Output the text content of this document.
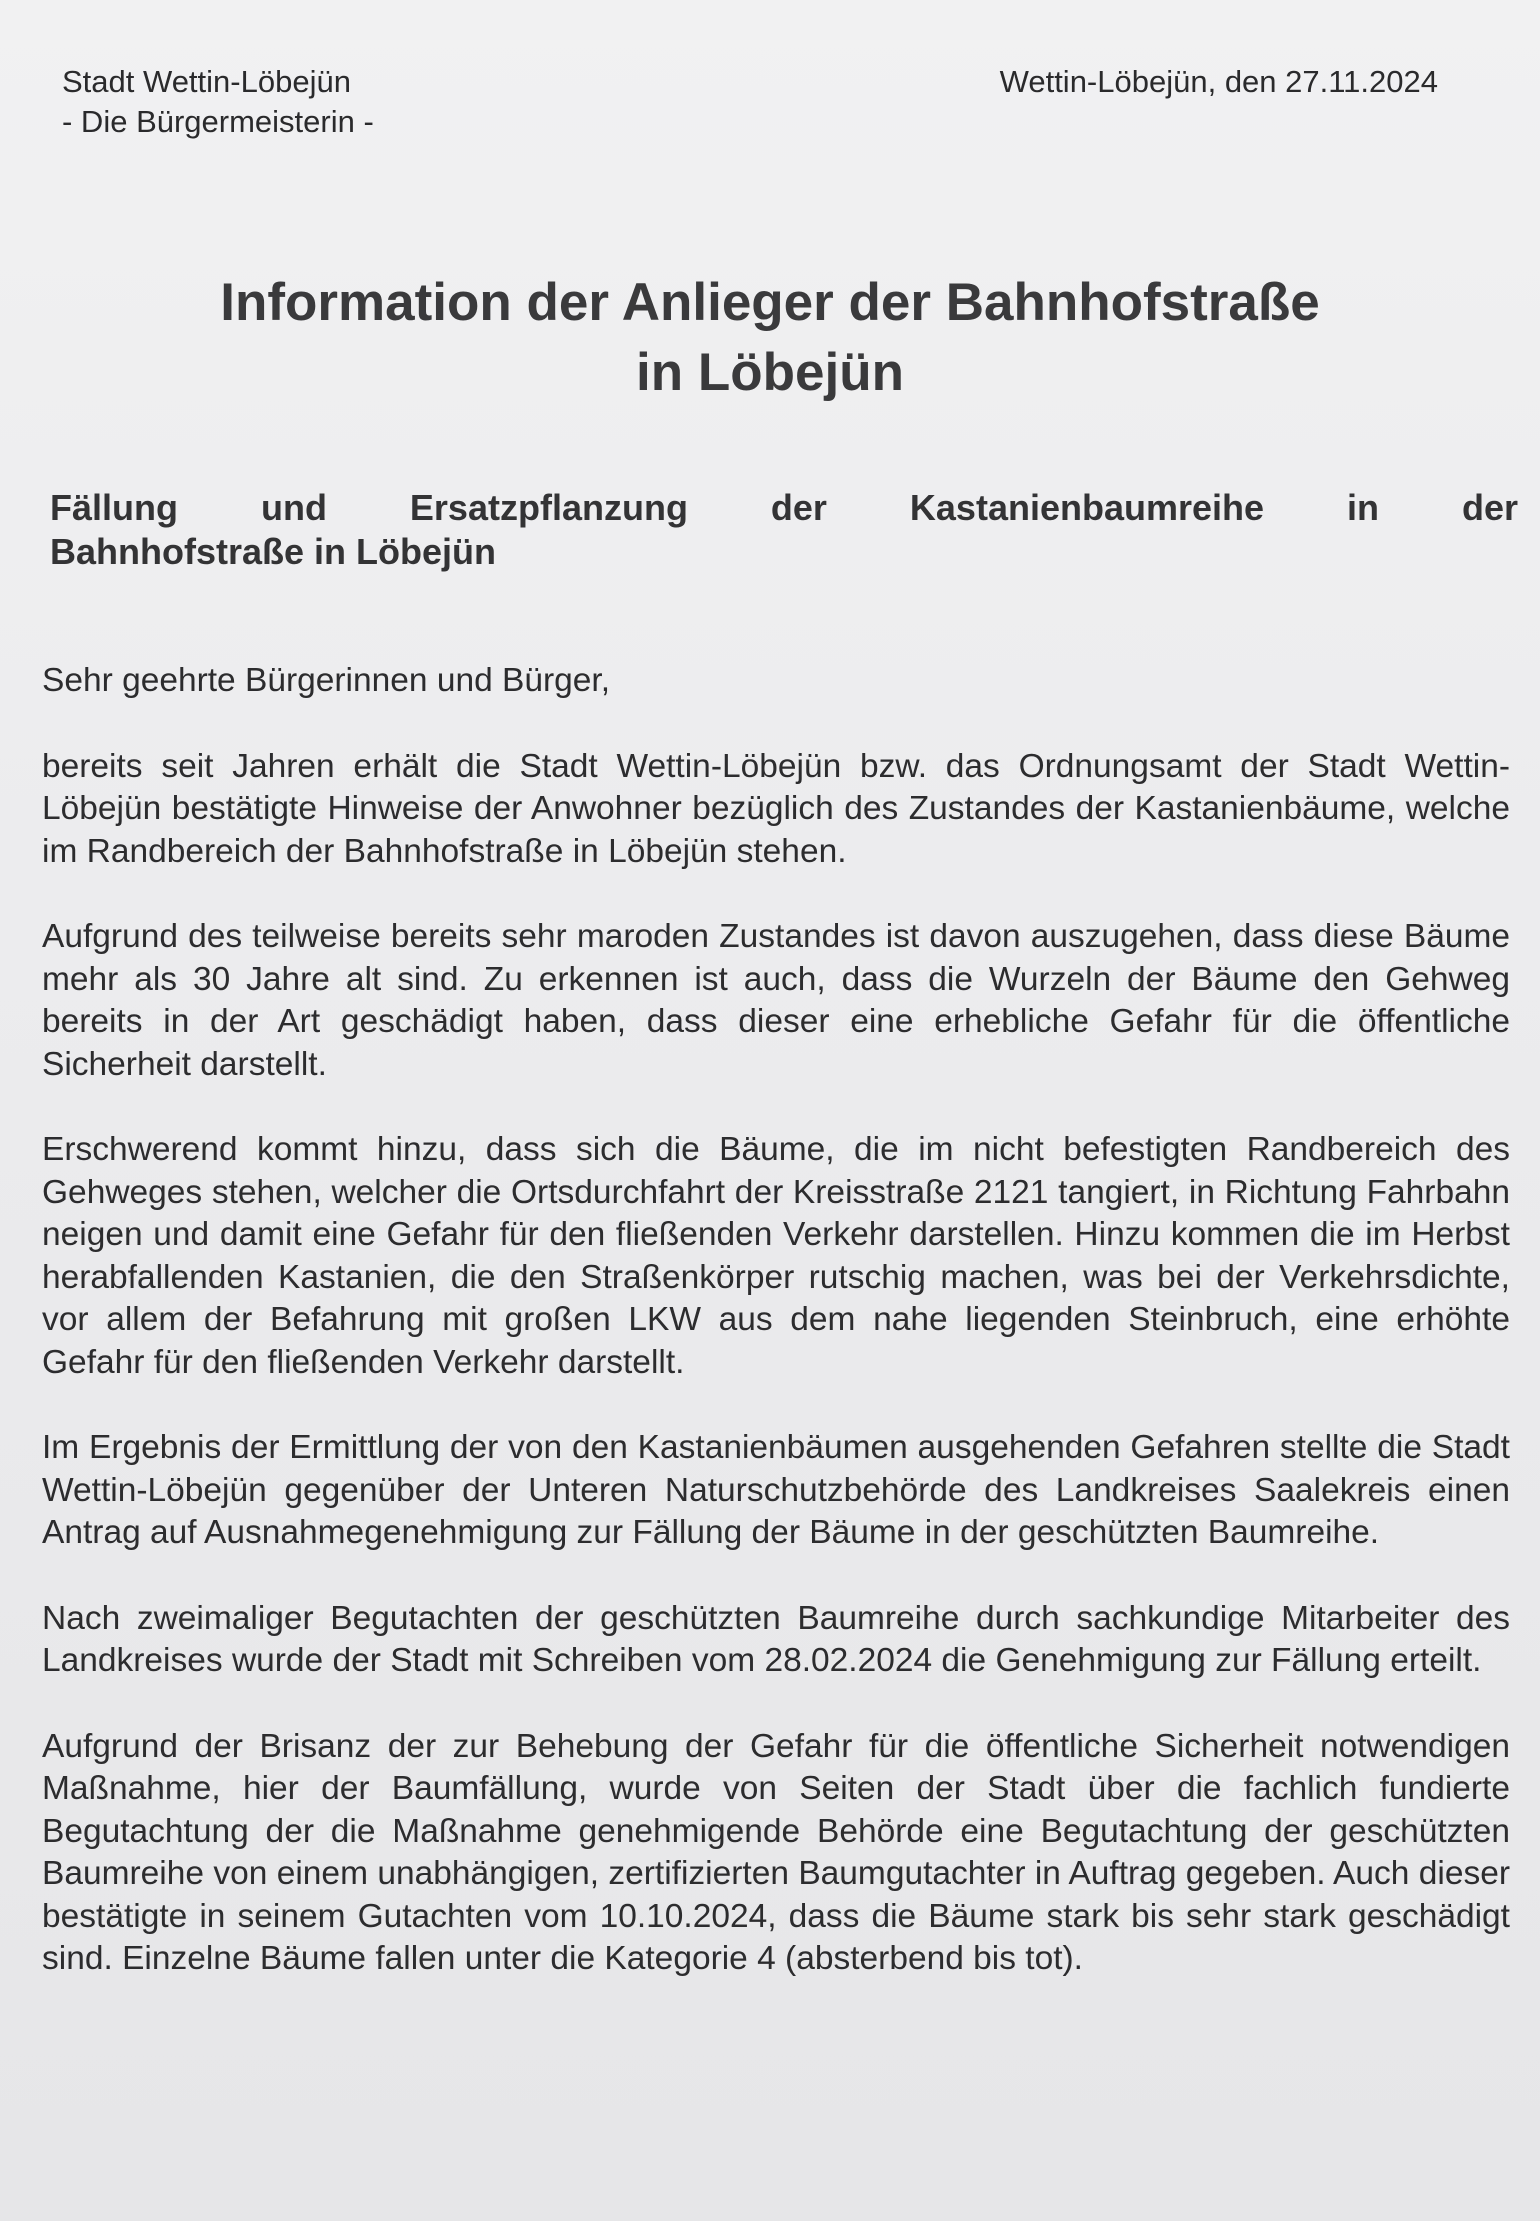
Stadt Wettin-Löbejün
- Die Bürgermeisterin -
Wettin-Löbejün, den 27.11.2024
Information der Anlieger der Bahnhofstraße
in Löbejün
Fällung und Ersatzpflanzung der Kastanienbaumreihe in der
Bahnhofstraße in Löbejün

Sehr geehrte Bürgerinnen und Bürger,

bereits seit Jahren erhält die Stadt Wettin-Löbejün bzw. das Ordnungsamt der Stadt Wettin-Löbejün bestätigte Hinweise der Anwohner bezüglich des Zustandes der Kastanienbäume, welche im Randbereich der Bahnhofstraße in Löbejün stehen.

Aufgrund des teilweise bereits sehr maroden Zustandes ist davon auszugehen, dass diese Bäume mehr als 30 Jahre alt sind. Zu erkennen ist auch, dass die Wurzeln der Bäume den Gehweg bereits in der Art geschädigt haben, dass dieser eine erhebliche Gefahr für die öffentliche Sicherheit darstellt.

Erschwerend kommt hinzu, dass sich die Bäume, die im nicht befestigten Randbereich des Gehweges stehen, welcher die Ortsdurchfahrt der Kreisstraße 2121 tangiert, in Richtung Fahrbahn neigen und damit eine Gefahr für den fließenden Verkehr darstellen. Hinzu kommen die im Herbst herabfallenden Kastanien, die den Straßenkörper rutschig machen, was bei der Verkehrsdichte, vor allem der Befahrung mit großen LKW aus dem nahe liegenden Steinbruch, eine erhöhte Gefahr für den fließenden Verkehr darstellt.

Im Ergebnis der Ermittlung der von den Kastanienbäumen ausgehenden Gefahren stellte die Stadt Wettin-Löbejün gegenüber der Unteren Naturschutzbehörde des Landkreises Saalekreis einen Antrag auf Ausnahmegenehmigung zur Fällung der Bäume in der geschützten Baumreihe.

Nach zweimaliger Begutachten der geschützten Baumreihe durch sachkundige Mitarbeiter des Landkreises wurde der Stadt mit Schreiben vom 28.02.2024 die Genehmigung zur Fällung erteilt.

Aufgrund der Brisanz der zur Behebung der Gefahr für die öffentliche Sicherheit notwendigen Maßnahme, hier der Baumfällung, wurde von Seiten der Stadt über die fachlich fundierte Begutachtung der die Maßnahme genehmigende Behörde eine Begutachtung der geschützten Baumreihe von einem unabhängigen, zertifizierten Baumgutachter in Auftrag gegeben. Auch dieser bestätigte in seinem Gutachten vom 10.10.2024, dass die Bäume stark bis sehr stark geschädigt sind. Einzelne Bäume fallen unter die Kategorie 4 (absterbend bis tot).
